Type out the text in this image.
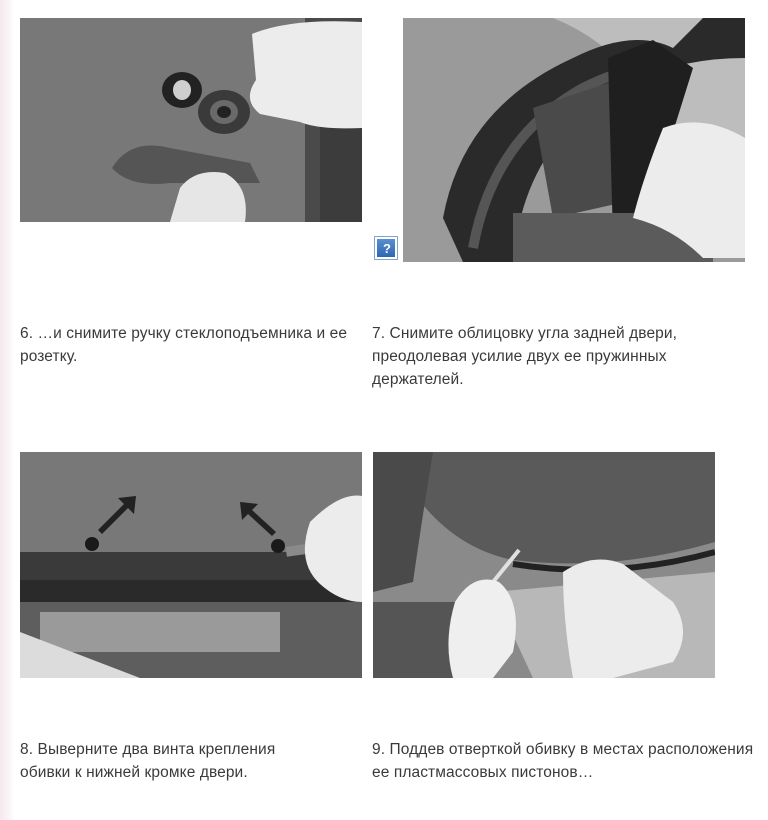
?

6. …и снимите ручку стеклоподъемника и ее розетку.

7. Снимите облицовку угла задней двери, преодолевая усилие двух ее пружинных держателей.

8. Выверните два винта крепления обивки к нижней кромке двери.

9. Поддев отверткой обивку в местах расположения ее пластмассовых пистонов…
